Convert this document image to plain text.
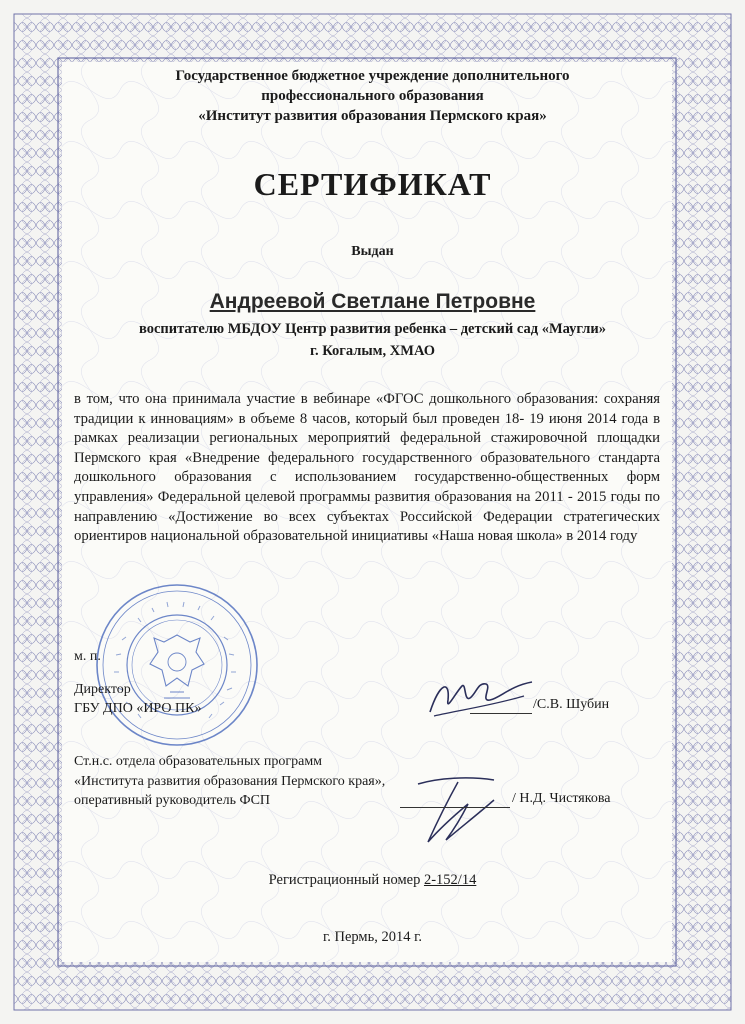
Государственное бюджетное учреждение дополнительного
профессионального образования
«Институт развития образования Пермского края»
СЕРТИФИКАТ
Выдан
Андреевой Светлане Петровне
воспитателю МБДОУ Центр развития ребенка – детский сад «Маугли»
г. Когалым, ХМАО
в том, что она принимала участие в вебинаре «ФГОС дошкольного образования: сохраняя традиции к инновациям» в объеме 8 часов, который был проведен 18- 19 июня 2014 года в рамках реализации региональных мероприятий федеральной стажировочной площадки Пермского края «Внедрение федерального государственного образовательного стандарта дошкольного образования с использованием государственно-общественных форм управления» Федеральной целевой программы развития образования на 2011 - 2015 годы по направлению «Достижение во всех субъектах Российской Федерации стратегических ориентиров национальной образовательной инициативы «Наша новая школа» в 2014 году
м. п.
Директор
ГБУ ДПО «ИРО ПК»	/С.В. Шубин
Ст.н.с. отдела образовательных программ
«Института развития образования Пермского края»,
оперативный руководитель ФСП	/ Н.Д. Чистякова
Регистрационный номер 2-152/14
г. Пермь, 2014 г.
